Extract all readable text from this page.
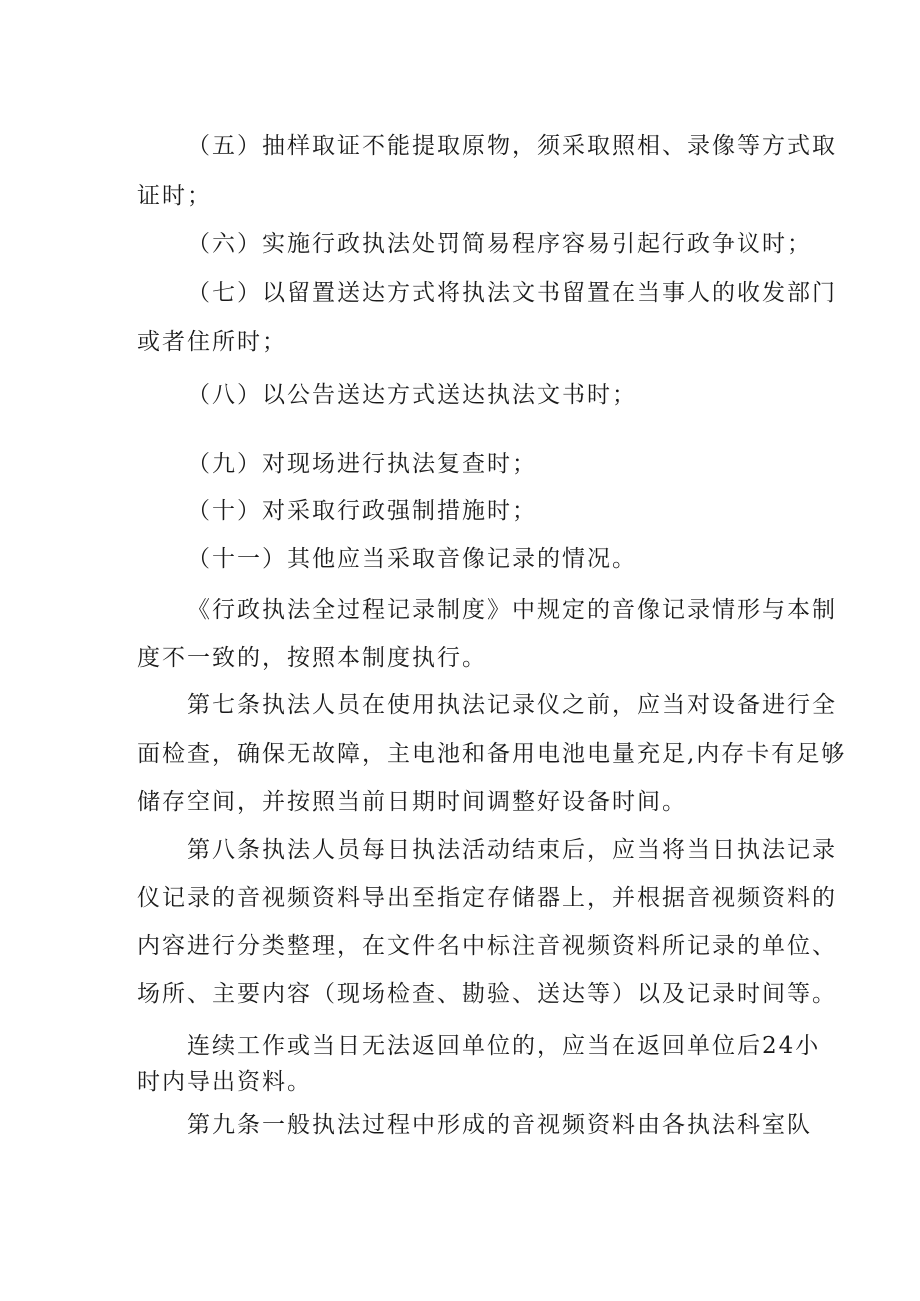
（五）抽样取证不能提取原物，须采取照相、录像等方式取
证时；
（六）实施行政执法处罚简易程序容易引起行政争议时；
（七）以留置送达方式将执法文书留置在当事人的收发部门
或者住所时；
（八）以公告送达方式送达执法文书时；
（九）对现场进行执法复查时；
（十）对采取行政强制措施时；
（十一）其他应当采取音像记录的情况。
《行政执法全过程记录制度》中规定的音像记录情形与本制
度不一致的，按照本制度执行。
第七条执法人员在使用执法记录仪之前，应当对设备进行全
面检查，确保无故障，主电池和备用电池电量充足,内存卡有足够
储存空间，并按照当前日期时间调整好设备时间。
第八条执法人员每日执法活动结束后，应当将当日执法记录
仪记录的音视频资料导出至指定存储器上，并根据音视频资料的
内容进行分类整理，在文件名中标注音视频资料所记录的单位、
场所、主要内容（现场检查、勘验、送达等）以及记录时间等。
连续工作或当日无法返回单位的，应当在返回单位后24小
时内导出资料。
第九条一般执法过程中形成的音视频资料由各执法科室队
